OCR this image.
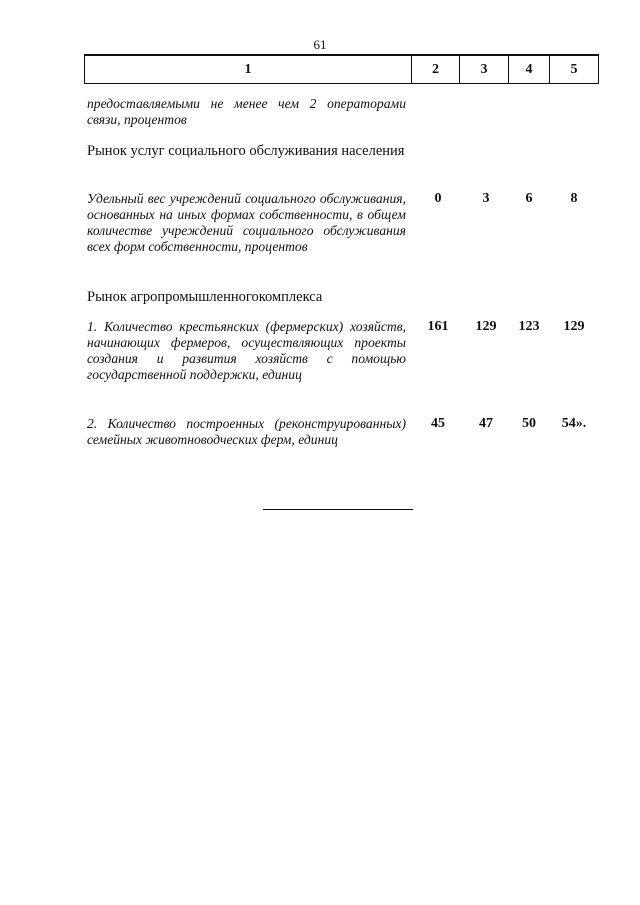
61
1	2	3	4	5
предоставляемыми не менее чем 2 операторами связи, процентов
Рынок услуг социального обслуживания населения
Удельный вес учреждений социального обслуживания, основанных на иных формах собственности, в общем количестве учреждений социального обслуживания всех форм собственности, процентов
0	3	6	8
Рынок агропромышленногокомплекса
1. Количество крестьянских (фермерских) хозяйств, начинающих фермеров, осуществляющих проекты создания и развития хозяйств с помощью государственной поддержки, единиц
161	129	123	129
2. Количество построенных (реконструированных) семейных животноводческих ферм, единиц
45	47	50	54».
